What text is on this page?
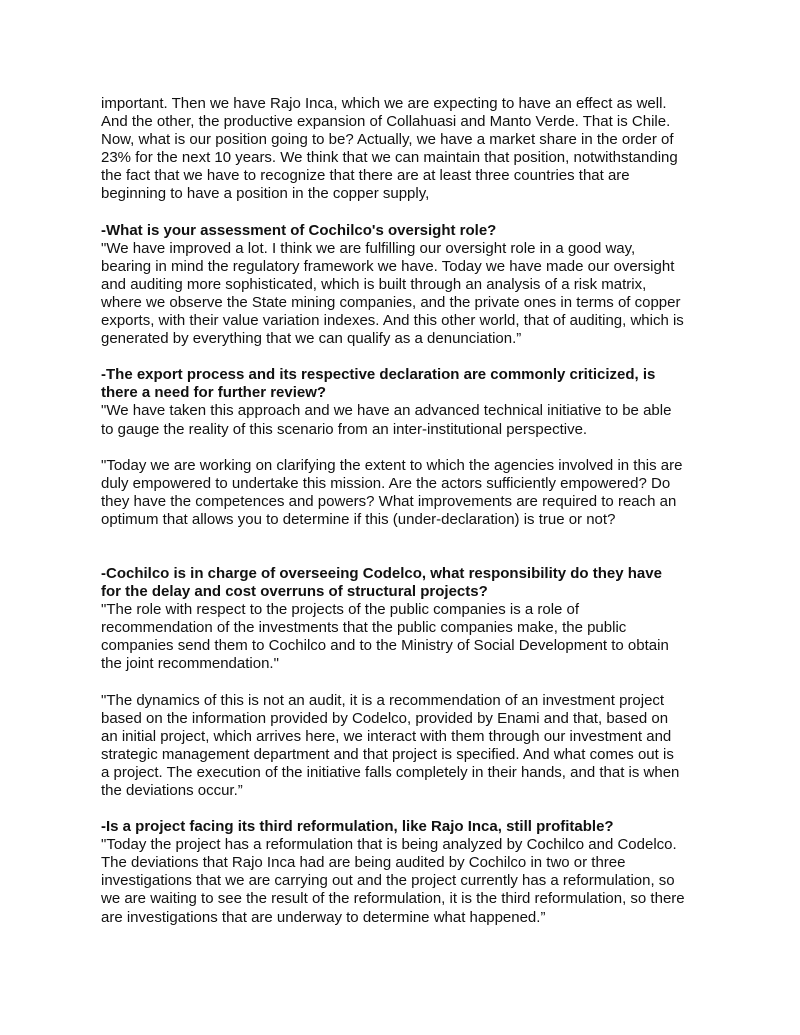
important. Then we have Rajo Inca, which we are expecting to have an effect as well.
And the other, the productive expansion of Collahuasi and Manto Verde. That is Chile.
Now, what is our position going to be? Actually, we have a market share in the order of
23% for the next 10 years. We think that we can maintain that position, notwithstanding
the fact that we have to recognize that there are at least three countries that are
beginning to have a position in the copper supply,

-What is your assessment of Cochilco's oversight role?

"We have improved a lot. I think we are fulfilling our oversight role in a good way,
bearing in mind the regulatory framework we have. Today we have made our oversight
and auditing more sophisticated, which is built through an analysis of a risk matrix,
where we observe the State mining companies, and the private ones in terms of copper
exports, with their value variation indexes. And this other world, that of auditing, which is
generated by everything that we can qualify as a denunciation.”

-The export process and its respective declaration are commonly criticized, is
there a need for further review?

"We have taken this approach and we have an advanced technical initiative to be able
to gauge the reality of this scenario from an inter-institutional perspective.

"Today we are working on clarifying the extent to which the agencies involved in this are
duly empowered to undertake this mission. Are the actors sufficiently empowered? Do
they have the competences and powers? What improvements are required to reach an
optimum that allows you to determine if this (under-declaration) is true or not?

-Cochilco is in charge of overseeing Codelco, what responsibility do they have
for the delay and cost overruns of structural projects?

"The role with respect to the projects of the public companies is a role of
recommendation of the investments that the public companies make, the public
companies send them to Cochilco and to the Ministry of Social Development to obtain
the joint recommendation."

"The dynamics of this is not an audit, it is a recommendation of an investment project
based on the information provided by Codelco, provided by Enami and that, based on
an initial project, which arrives here, we interact with them through our investment and
strategic management department and that project is specified. And what comes out is
a project. The execution of the initiative falls completely in their hands, and that is when
the deviations occur.”

-Is a project facing its third reformulation, like Rajo Inca, still profitable?

"Today the project has a reformulation that is being analyzed by Cochilco and Codelco.
The deviations that Rajo Inca had are being audited by Cochilco in two or three
investigations that we are carrying out and the project currently has a reformulation, so
we are waiting to see the result of the reformulation, it is the third reformulation, so there
are investigations that are underway to determine what happened.”
